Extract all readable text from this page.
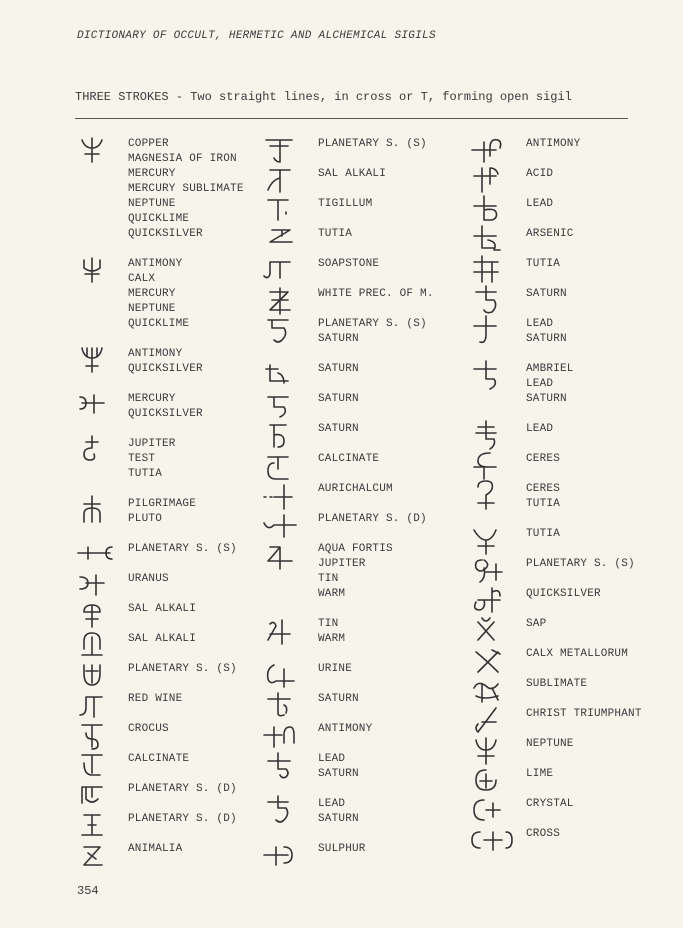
DICTIONARY OF OCCULT, HERMETIC AND ALCHEMICAL SIGILS
THREE STROKES - Two straight lines, in cross or T, forming open sigil
COPPER
MAGNESIA OF IRON
MERCURY
MERCURY SUBLIMATE
NEPTUNE
QUICKLIME
QUICKSILVER
ANTIMONY
CALX
MERCURY
NEPTUNE
QUICKLIME
ANTIMONY
QUICKSILVER
MERCURY
QUICKSILVER
JUPITER
TEST
TUTIA
PILGRIMAGE
PLUTO
PLANETARY S. (S)
URANUS
SAL ALKALI
SAL ALKALI
PLANETARY S. (S)
RED WINE
CROCUS
CALCINATE
PLANETARY S. (D)
PLANETARY S. (D)
ANIMALIA
PLANETARY S. (S)
SAL ALKALI
TIGILLUM
TUTIA
SOAPSTONE
WHITE PREC. OF M.
PLANETARY S. (S)
SATURN
SATURN
SATURN
SATURN
CALCINATE
AURICHALCUM
PLANETARY S. (D)
AQUA FORTIS
JUPITER
TIN
WARM
TIN
WARM
URINE
SATURN
ANTIMONY
LEAD
SATURN
LEAD
SATURN
SULPHUR
ANTIMONY
ACID
LEAD
ARSENIC
TUTIA
SATURN
LEAD
SATURN
AMBRIEL
LEAD
SATURN
LEAD
CERES
CERES
TUTIA
TUTIA
PLANETARY S. (S)
QUICKSILVER
SAP
CALX METALLORUM
SUBLIMATE
CHRIST TRIUMPHANT
NEPTUNE
LIME
CRYSTAL
CROSS
354
